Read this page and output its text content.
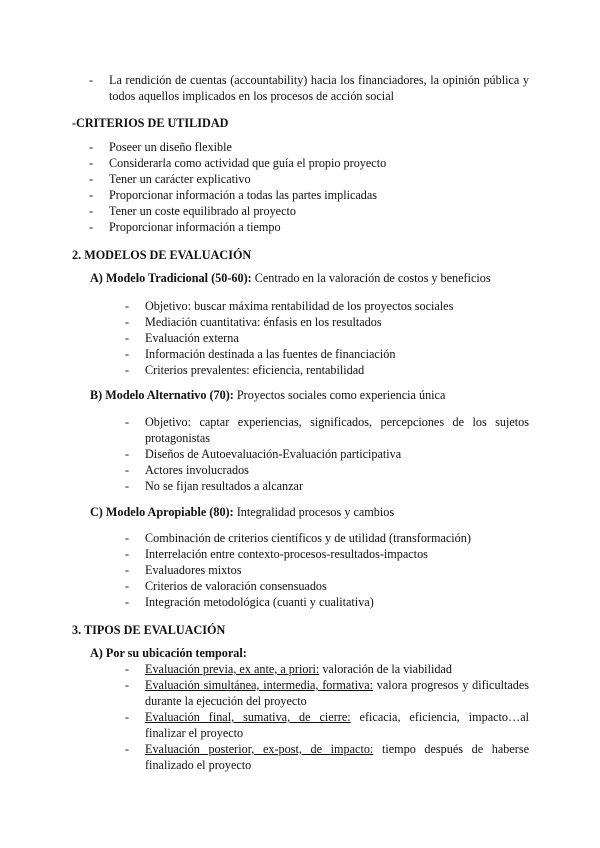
- La rendición de cuentas (accountability) hacia los financiadores, la opinión pública y todos aquellos implicados en los procesos de acción social
-CRITERIOS DE UTILIDAD
- Poseer un diseño flexible
- Considerarla como actividad que guía el propio proyecto
- Tener un carácter explicativo
- Proporcionar información a todas las partes implicadas
- Tener un coste equilibrado al proyecto
- Proporcionar información a tiempo
2. MODELOS DE EVALUACIÓN
A) Modelo Tradicional (50-60): Centrado en la valoración de costos y beneficios
- Objetivo: buscar máxima rentabilidad de los proyectos sociales
- Mediación cuantitativa: énfasis en los resultados
- Evaluación externa
- Información destinada a las fuentes de financiación
- Criterios prevalentes: eficiencia, rentabilidad
B) Modelo Alternativo (70): Proyectos sociales como experiencia única
- Objetivo: captar experiencias, significados, percepciones de los sujetos protagonistas
- Diseños de Autoevaluación-Evaluación participativa
- Actores involucrados
- No se fijan resultados a alcanzar
C) Modelo Apropiable (80): Integralidad procesos y cambios
- Combinación de criterios científicos y de utilidad (transformación)
- Interrelación entre contexto-procesos-resultados-impactos
- Evaluadores mixtos
- Criterios de valoración consensuados
- Integración metodológica (cuanti y cualitativa)
3. TIPOS DE EVALUACIÓN
A) Por su ubicación temporal:
- Evaluación previa, ex ante, a priori: valoración de la viabilidad
- Evaluación simultánea, intermedia, formativa: valora progresos y dificultades durante la ejecución del proyecto
- Evaluación final, sumativa, de cierre: eficacia, eficiencia, impacto…al finalizar el proyecto
- Evaluación posterior, ex-post, de impacto: tiempo después de haberse finalizado el proyecto
